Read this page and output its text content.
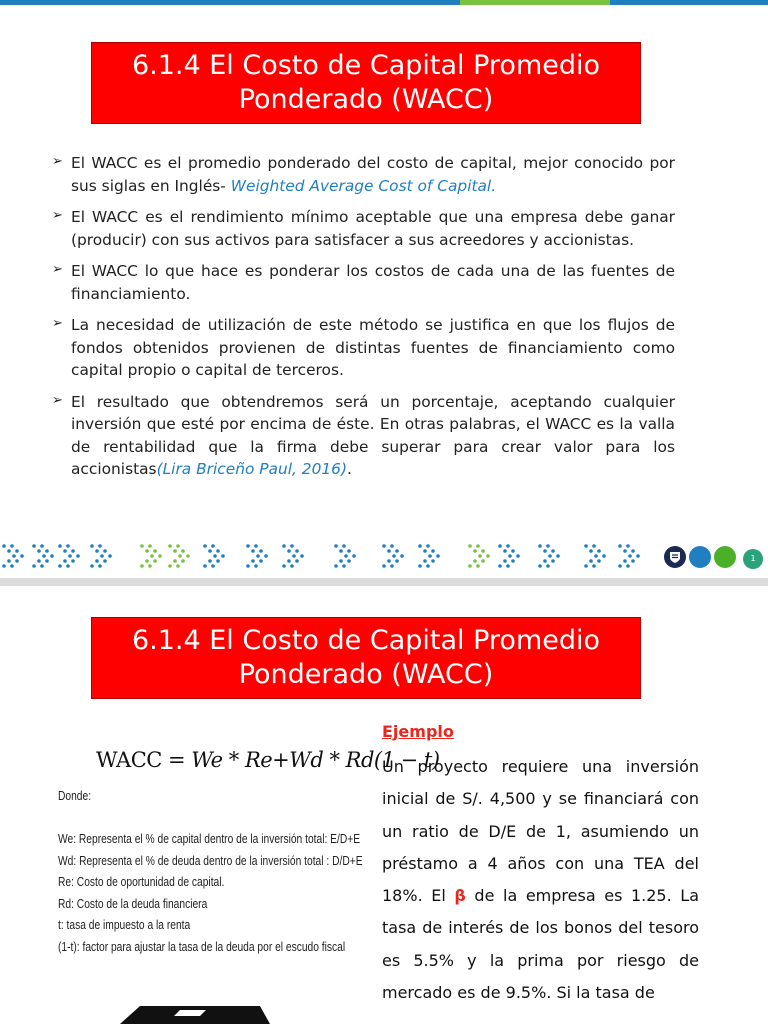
6.1.4 El Costo de Capital Promedio
Ponderado (WACC)
➢ El WACC es el promedio ponderado del costo de capital, mejor conocido por sus siglas en Inglés- Weighted Average Cost of Capital.
➢ El WACC es el rendimiento mínimo aceptable que una empresa debe ganar (producir) con sus activos para satisfacer a sus acreedores y accionistas.
➢ El WACC lo que hace es ponderar los costos de cada una de las fuentes de financiamiento.
➢ La necesidad de utilización de este método se justifica en que los flujos de fondos obtenidos provienen de distintas fuentes de financiamiento como capital propio o capital de terceros.
➢ El resultado que obtendremos será un porcentaje, aceptando cualquier inversión que esté por encima de éste. En otras palabras, el WACC es la valla de rentabilidad que la firma debe superar para crear valor para los accionistas(Lira Briceño Paul, 2016).
1
6.1.4 El Costo de Capital Promedio
Ponderado (WACC)
WACC = We * Re+Wd * Rd(1 − t)
Donde:
We: Representa el % de capital dentro de la inversión total: E/D+E
Wd: Representa el % de deuda dentro de la inversión total : D/D+E
Re: Costo de oportunidad de capital.
Rd: Costo de la deuda financiera
t: tasa de impuesto a la renta
(1-t): factor para ajustar la tasa de la deuda por el escudo fiscal
Ejemplo
Un proyecto requiere una inversión inicial de S/. 4,500 y se financiará con un ratio de D/E de 1, asumiendo un préstamo a 4 años con una TEA del 18%. El β de la empresa es 1.25. La tasa de interés de los bonos del tesoro es 5.5% y la prima por riesgo de mercado es de 9.5%. Si la tasa de
